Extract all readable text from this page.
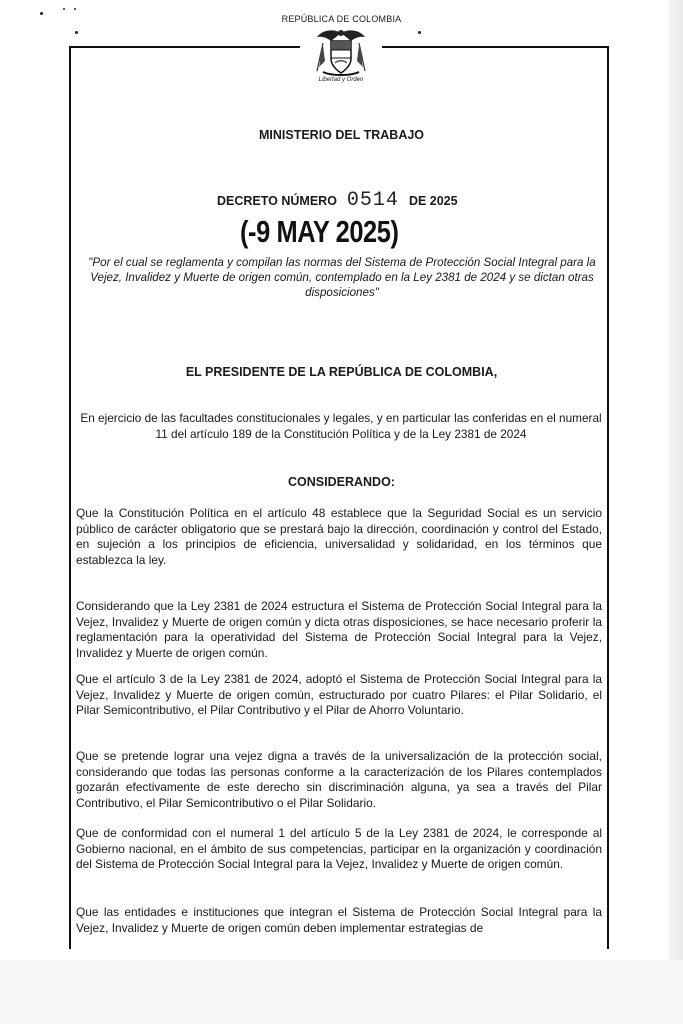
REPÚBLICA DE COLOMBIA
Libertad y Orden
MINISTERIO DEL TRABAJO
DECRETO NÚMERO 0514 DE 2025
(-9 MAY 2025)
"Por el cual se reglamenta y compilan las normas del Sistema de Protección Social Integral para la Vejez, Invalidez y Muerte de origen común, contemplado en la Ley 2381 de 2024 y se dictan otras disposiciones"
EL PRESIDENTE DE LA REPÚBLICA DE COLOMBIA,
En ejercicio de las facultades constitucionales y legales, y en particular las conferidas en el numeral 11 del artículo 189 de la Constitución Política y de la Ley 2381 de 2024
CONSIDERANDO:

Que la Constitución Política en el artículo 48 establece que la Seguridad Social es un servicio público de carácter obligatorio que se prestará bajo la dirección, coordinación y control del Estado, en sujeción a los principios de eficiencia, universalidad y solidaridad, en los términos que establezca la ley.

Considerando que la Ley 2381 de 2024 estructura el Sistema de Protección Social Integral para la Vejez, Invalidez y Muerte de origen común y dicta otras disposiciones, se hace necesario proferir la reglamentación para la operatividad del Sistema de Protección Social Integral para la Vejez, Invalidez y Muerte de origen común.

Que el artículo 3 de la Ley 2381 de 2024, adoptó el Sistema de Protección Social Integral para la Vejez, Invalidez y Muerte de origen común, estructurado por cuatro Pilares: el Pilar Solidario, el Pilar Semicontributivo, el Pilar Contributivo y el Pilar de Ahorro Voluntario.

Que se pretende lograr una vejez digna a través de la universalización de la protección social, considerando que todas las personas conforme a la caracterización de los Pilares contemplados gozarán efectivamente de este derecho sin discriminación alguna, ya sea a través del Pilar Contributivo, el Pilar Semicontributivo o el Pilar Solidario.

Que de conformidad con el numeral 1 del artículo 5 de la Ley 2381 de 2024, le corresponde al Gobierno nacional, en el ámbito de sus competencias, participar en la organización y coordinación del Sistema de Protección Social Integral para la Vejez, Invalidez y Muerte de origen común.

Que las entidades e instituciones que integran el Sistema de Protección Social Integral para la Vejez, Invalidez y Muerte de origen común deben implementar estrategias de
